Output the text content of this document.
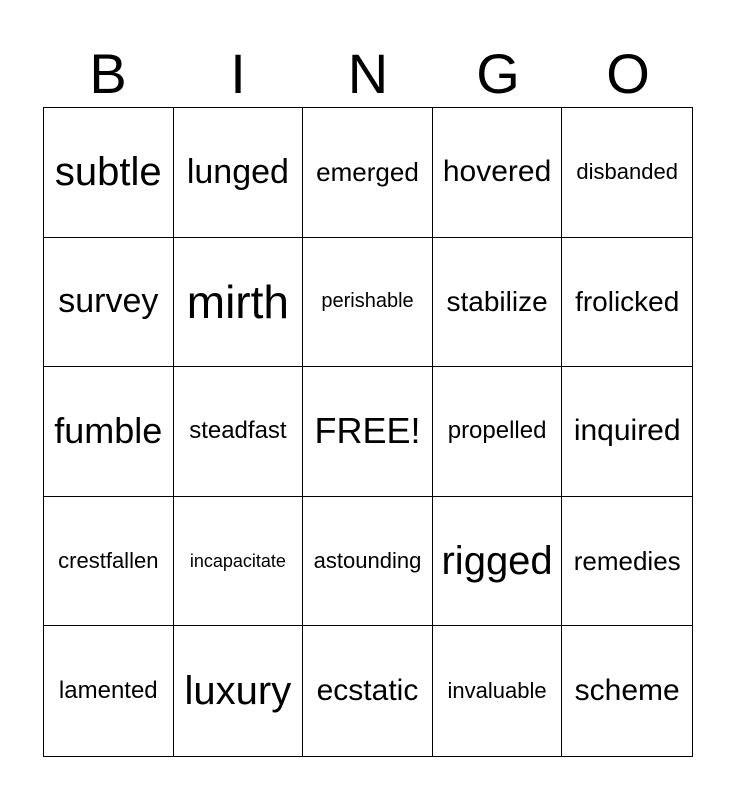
B	I	N	G	O
subtle lunged emerged hovered disbanded
survey mirth perishable stabilize frolicked
fumble steadfast FREE! propelled inquired
crestfallen incapacitate astounding rigged remedies
lamented luxury ecstatic invaluable scheme
